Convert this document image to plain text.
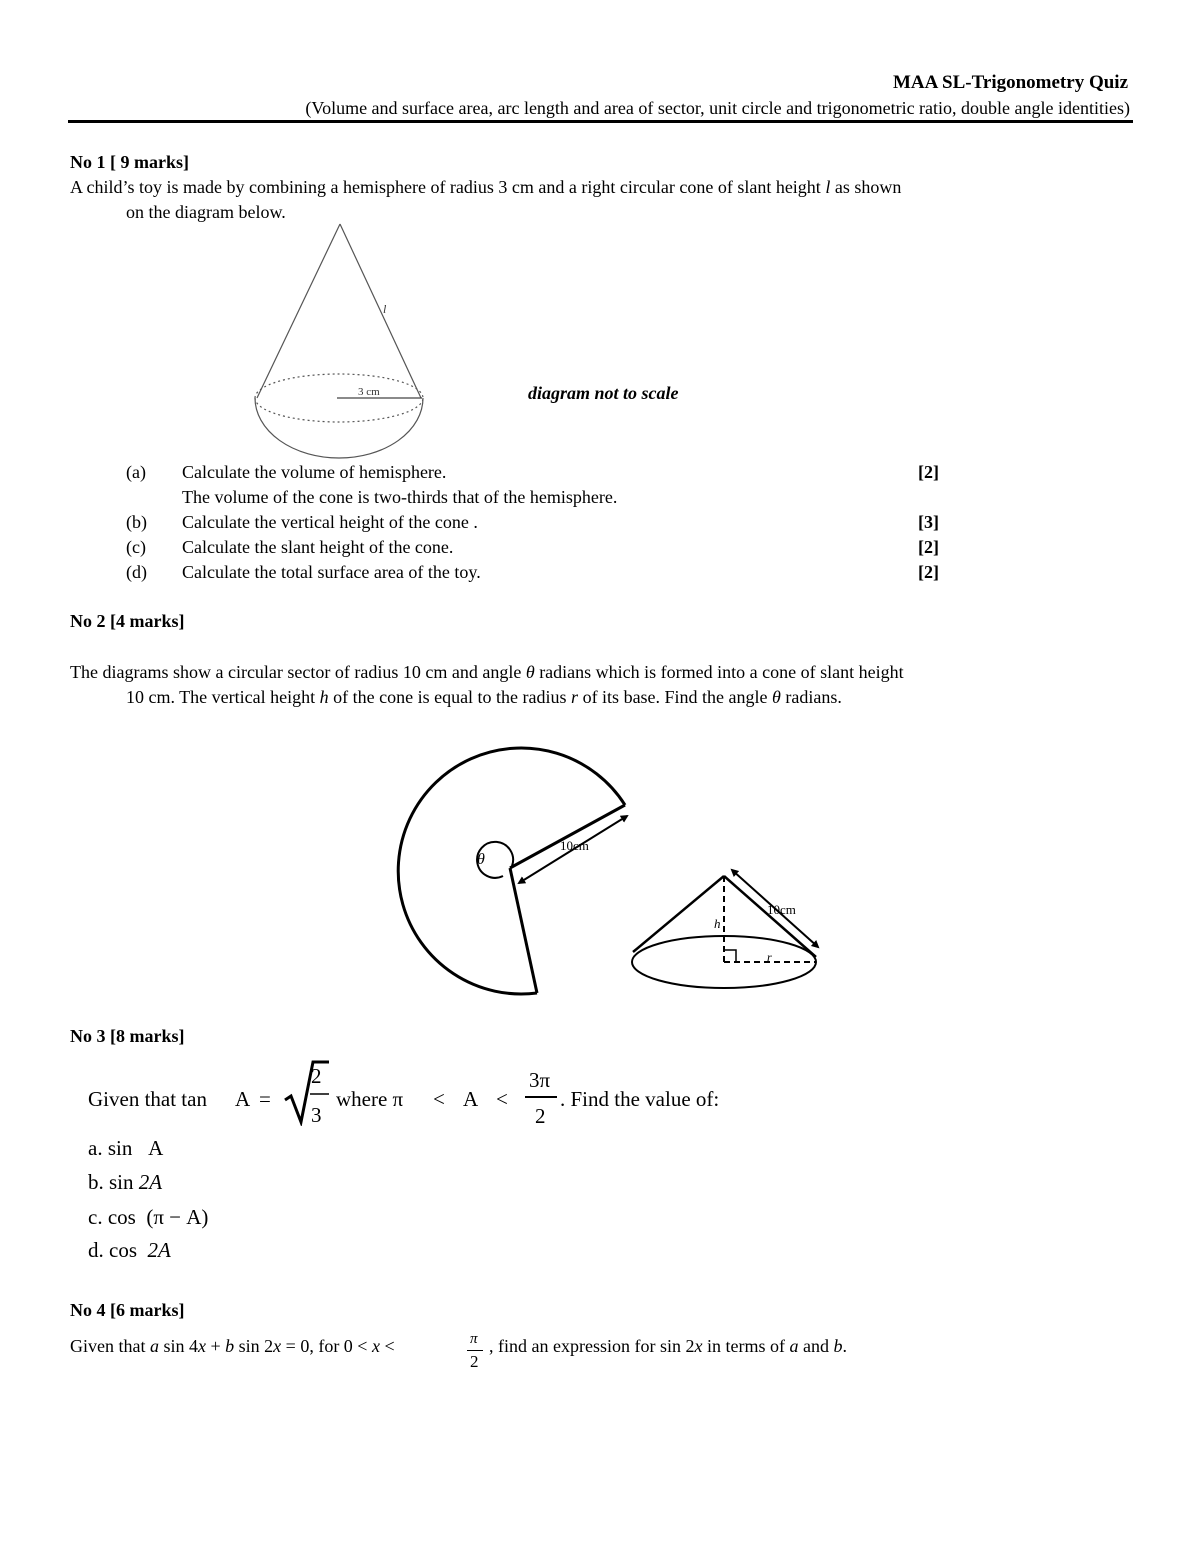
MAA SL-Trigonometry Quiz
(Volume and surface area, arc length and area of sector, unit circle and trigonometric ratio, double angle identities)
No 1 [ 9 marks]
A child’s toy is made by combining a hemisphere of radius 3 cm and a right circular cone of slant height l as shown
on the diagram below.
3 cm
l
diagram not to scale
(a) Calculate the volume of hemisphere.	[2]
The volume of the cone is two-thirds that of the hemisphere.
(b) Calculate the vertical height of the cone .	[3]
(c) Calculate the slant height of the cone.	[2]
(d) Calculate the total surface area of the toy.	[2]
No 2 [4 marks]
The diagrams show a circular sector of radius 10 cm and angle θ radians which is formed into a cone of slant height
10 cm. The vertical height h of the cone is equal to the radius r of its base. Find the angle θ radians.
θ
10cm
10cm
h
r
No 3 [8 marks]
Given that tan A =
2
3
where π < A <
3π
2
. Find the value of:
a. sin A
b. sin 2A
c. cos (π − A)
d. cos 2A
No 4 [6 marks]
Given that a sin 4x + b sin 2x = 0, for 0 < x <	π
2
, find an expression for sin 2x in terms of a and b.
